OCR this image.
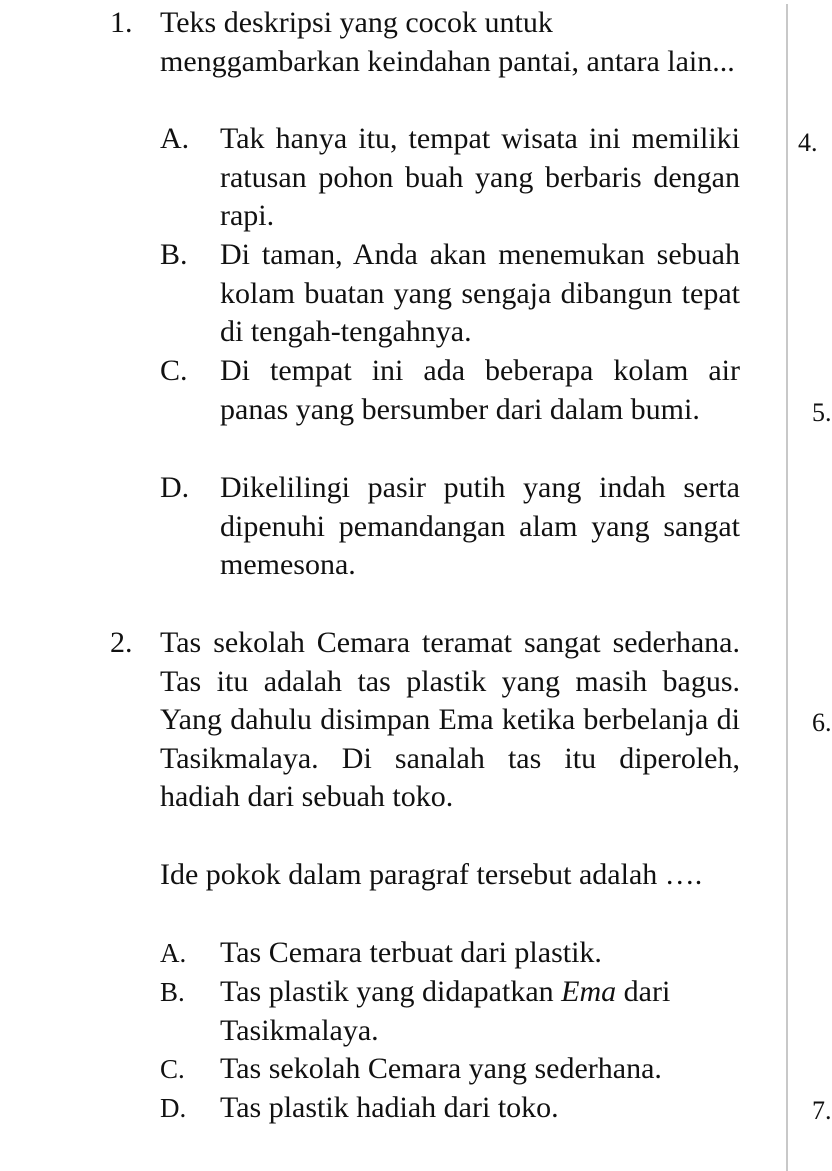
1. Teks deskripsi yang cocok untuk menggambarkan keindahan pantai, antara lain...
A. Tak hanya itu, tempat wisata ini memiliki ratusan pohon buah yang berbaris dengan rapi.
B. Di taman, Anda akan menemukan sebuah kolam buatan yang sengaja dibangun tepat di tengah-tengahnya.
C. Di tempat ini ada beberapa kolam air panas yang bersumber dari dalam bumi.
D. Dikelilingi pasir putih yang indah serta dipenuhi pemandangan alam yang sangat memesona.
2. Tas sekolah Cemara teramat sangat sederhana. Tas itu adalah tas plastik yang masih bagus. Yang dahulu disimpan Ema ketika berbelanja di Tasikmalaya. Di sanalah tas itu diperoleh, hadiah dari sebuah toko.
Ide pokok dalam paragraf tersebut adalah ….
A. Tas Cemara terbuat dari plastik.
B. Tas plastik yang didapatkan Ema dari Tasikmalaya.
C. Tas sekolah Cemara yang sederhana.
D. Tas plastik hadiah dari toko.
4.
5.
6.
7.
